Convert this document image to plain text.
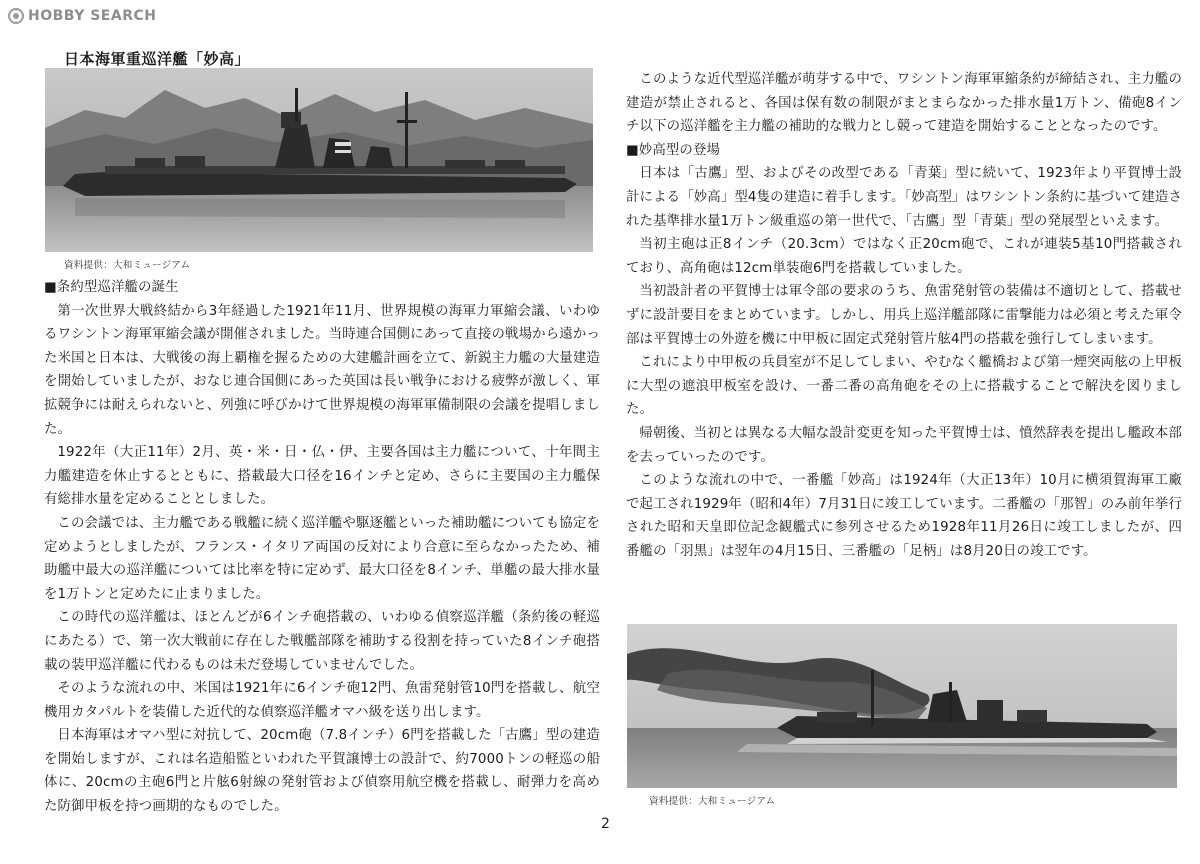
HOBBY SEARCH
日本海軍重巡洋艦「妙高」
資料提供：大和ミュージアム

■条約型巡洋艦の誕生

第一次世界大戦終結から3年経過した1921年11月、世界規模の海軍力軍縮会議、いわゆるワシントン海軍軍縮会議が開催されました。当時連合国側にあって直接の戦場から遠かった米国と日本は、大戦後の海上覇権を握るための大建艦計画を立て、新鋭主力艦の大量建造を開始していましたが、おなじ連合国側にあった英国は長い戦争における疲弊が激しく、軍拡競争には耐えられないと、列強に呼びかけて世界規模の海軍軍備制限の会議を提唱しました。

1922年（大正11年）2月、英・米・日・仏・伊、主要各国は主力艦について、十年間主力艦建造を休止するとともに、搭載最大口径を16インチと定め、さらに主要国の主力艦保有総排水量を定めることとしました。

この会議では、主力艦である戦艦に続く巡洋艦や駆逐艦といった補助艦についても協定を定めようとしましたが、フランス・イタリア両国の反対により合意に至らなかったため、補助艦中最大の巡洋艦については比率を特に定めず、最大口径を8インチ、単艦の最大排水量を1万トンと定めたに止まりました。

この時代の巡洋艦は、ほとんどが6インチ砲搭載の、いわゆる偵察巡洋艦（条約後の軽巡にあたる）で、第一次大戦前に存在した戦艦部隊を補助する役割を持っていた8インチ砲搭載の装甲巡洋艦に代わるものは未だ登場していませんでした。

そのような流れの中、米国は1921年に6インチ砲12門、魚雷発射管10門を搭載し、航空機用カタパルトを装備した近代的な偵察巡洋艦オマハ級を送り出します。

日本海軍はオマハ型に対抗して、20cm砲（7.8インチ）6門を搭載した「古鷹」型の建造を開始しますが、これは名造船監といわれた平賀譲博士の設計で、約7000トンの軽巡の船体に、20cmの主砲6門と片舷6射線の発射管および偵察用航空機を搭載し、耐弾力を高めた防御甲板を持つ画期的なものでした。

このような近代型巡洋艦が萌芽する中で、ワシントン海軍軍縮条約が締結され、主力艦の建造が禁止されると、各国は保有数の制限がまとまらなかった排水量1万トン、備砲8インチ以下の巡洋艦を主力艦の補助的な戦力とし競って建造を開始することとなったのです。

■妙高型の登場

日本は「古鷹」型、およびその改型である「青葉」型に続いて、1923年より平賀博士設計による「妙高」型4隻の建造に着手します。「妙高型」はワシントン条約に基づいて建造された基準排水量1万トン級重巡の第一世代で、「古鷹」型「青葉」型の発展型といえます。

当初主砲は正8インチ（20.3cm）ではなく正20cm砲で、これが連装5基10門搭載されており、高角砲は12cm単装砲6門を搭載していました。

当初設計者の平賀博士は軍令部の要求のうち、魚雷発射管の装備は不適切として、搭載せずに設計要目をまとめています。しかし、用兵上巡洋艦部隊に雷撃能力は必須と考えた軍令部は平賀博士の外遊を機に中甲板に固定式発射管片舷4門の搭載を強行してしまいます。

これにより中甲板の兵員室が不足してしまい、やむなく艦橋および第一煙突両舷の上甲板に大型の遮浪甲板室を設け、一番二番の高角砲をその上に搭載することで解決を図りました。

帰朝後、当初とは異なる大幅な設計変更を知った平賀博士は、憤然辞表を提出し艦政本部を去っていったのです。

このような流れの中で、一番艦「妙高」は1924年（大正13年）10月に横須賀海軍工廠で起工され1929年（昭和4年）7月31日に竣工しています。二番艦の「那智」のみ前年挙行された昭和天皇即位記念観艦式に参列させるため1928年11月26日に竣工しましたが、四番艦の「羽黒」は翌年の4月15日、三番艦の「足柄」は8月20日の竣工です。

資料提供：大和ミュージアム
2
